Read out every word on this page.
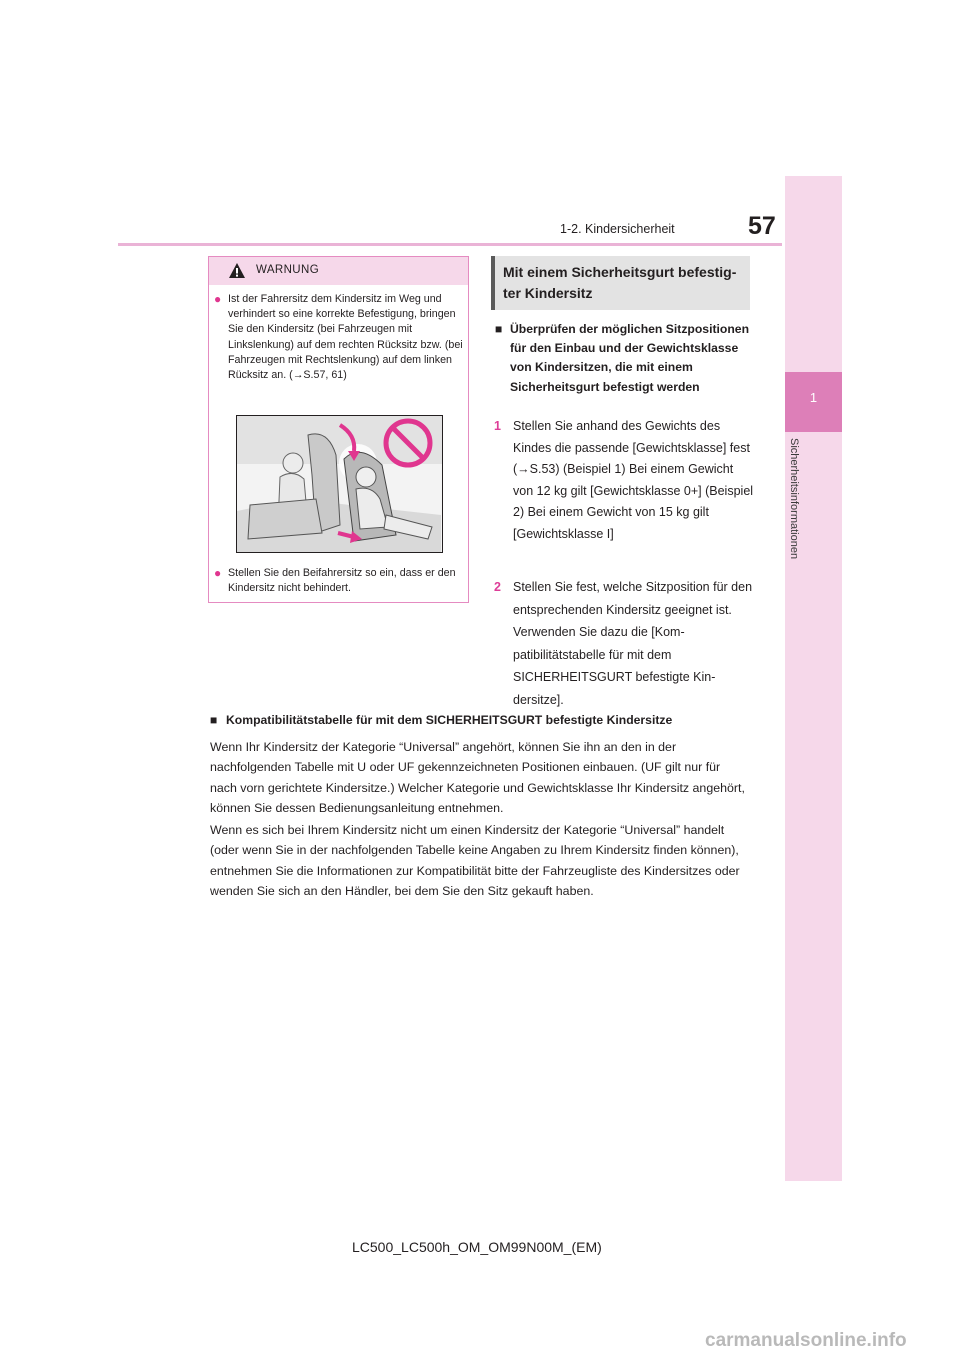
1-2. Kindersicherheit	57
1
Sicherheitsinformationen
WARNUNG
● Ist der Fahrersitz dem Kindersitz im Weg und verhindert so eine korrekte Befestigung, bringen Sie den Kindersitz (bei Fahrzeugen mit Linkslenkung) auf dem rechten Rücksitz bzw. (bei Fahrzeugen mit Rechtslenkung) auf dem linken Rücksitz an. (→S.57, 61)
● Stellen Sie den Beifahrersitz so ein, dass er den Kindersitz nicht behindert.
Mit einem Sicherheitsgurt befestigter Kindersitz
■ Überprüfen der möglichen Sitzpositionen für den Einbau und der Gewichtsklasse von Kindersitzen, die mit einem Sicherheitsgurt befestigt werden
1 Stellen Sie anhand des Gewichts des Kindes die passende [Gewichtsklasse] fest (→S.53) (Beispiel 1) Bei einem Gewicht von 12 kg gilt [Gewichtsklasse 0+] (Beispiel 2) Bei einem Gewicht von 15 kg gilt [Gewichtsklasse I]
2 Stellen Sie fest, welche Sitzposition für den entsprechenden Kindersitz geeignet ist. Verwenden Sie dazu die [Kompatibilitätstabelle für mit dem SICHERHEITSGURT befestigte Kindersitze].
■ Kompatibilitätstabelle für mit dem SICHERHEITSGURT befestigte Kindersitze
Wenn Ihr Kindersitz der Kategorie “Universal” angehört, können Sie ihn an den in der nachfolgenden Tabelle mit U oder UF gekennzeichneten Positionen einbauen. (UF gilt nur für nach vorn gerichtete Kindersitze.) Welcher Kategorie und Gewichtsklasse Ihr Kindersitz angehört, können Sie dessen Bedienungsanleitung entnehmen.
Wenn es sich bei Ihrem Kindersitz nicht um einen Kindersitz der Kategorie “Universal” handelt (oder wenn Sie in der nachfolgenden Tabelle keine Angaben zu Ihrem Kindersitz finden können), entnehmen Sie die Informationen zur Kompatibilität bitte der Fahrzeugliste des Kindersitzes oder wenden Sie sich an den Händler, bei dem Sie den Sitz gekauft haben.
LC500_LC500h_OM_OM99N00M_(EM)
carmanualsonline.info
